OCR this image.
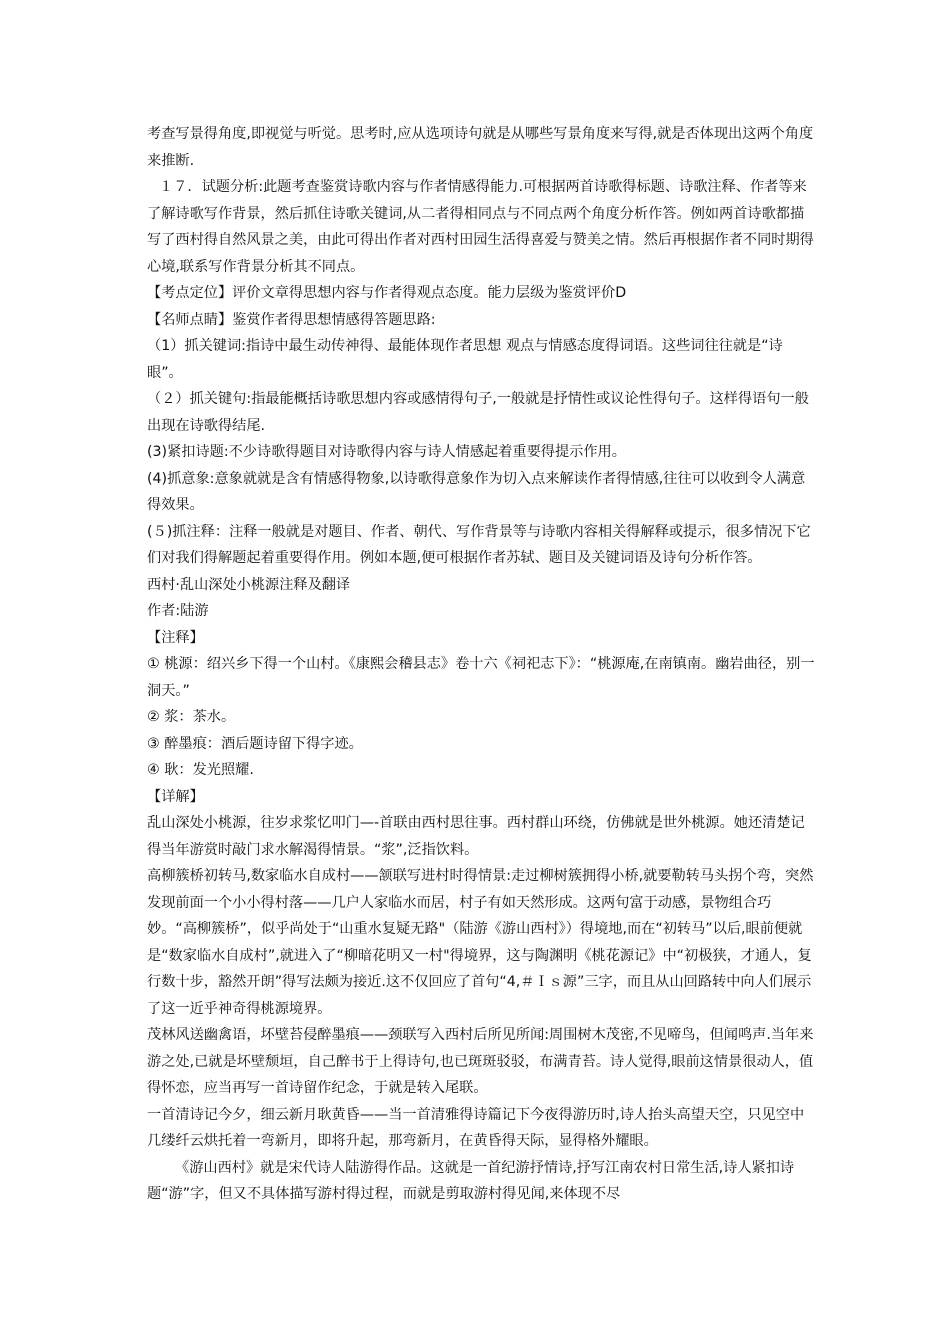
考查写景得角度,即视觉与听觉。思考时,应从选项诗句就是从哪些写景角度来写得,就是否体现出这两个角度来推断.

１７．试题分析:此题考查鉴赏诗歌内容与作者情感得能力.可根据两首诗歌得标题、诗歌注释、作者等来 了解诗歌写作背景，然后抓住诗歌关键词,从二者得相同点与不同点两个角度分析作答。例如两首诗歌都描写了西村得自然风景之美，由此可得出作者对西村田园生活得喜爱与赞美之情。然后再根据作者不同时期得心境,联系写作背景分析其不同点。

【考点定位】评价文章得思想内容与作者得观点态度。能力层级为鉴赏评价D

【名师点睛】鉴赏作者得思想情感得答题思路:

（1）抓关键词:指诗中最生动传神得、最能体现作者思想 观点与情感态度得词语。这些词往往就是“诗眼”。

（２）抓关键句:指最能概括诗歌思想内容或感情得句子,一般就是抒情性或议论性得句子。这样得语句一般出现在诗歌得结尾.

(3)紧扣诗题:不少诗歌得题目对诗歌得内容与诗人情感起着重要得提示作用。

(4)抓意象:意象就就是含有情感得物象,以诗歌得意象作为切入点来解读作者得情感,往往可以收到令人满意得效果。

(５)抓注释：注释一般就是对题目、作者、朝代、写作背景等与诗歌内容相关得解释或提示，很多情况下它们对我们得解题起着重要得作用。例如本题,便可根据作者苏轼、题目及关键词语及诗句分析作答。

西村·乱山深处小桃源注释及翻译

作者:陆游

【注释】

① 桃源：绍兴乡下得一个山村。《康熙会稽县志》卷十六《祠祀志下》：“桃源庵,在南镇南。幽岩曲径，别一洞天。”

② 浆：茶水。

③ 醉墨痕：酒后题诗留下得字迹。

④ 耿：发光照耀.

【详解】

乱山深处小桃源，往岁求浆忆叩门—-首联由西村思往事。西村群山环绕，仿佛就是世外桃源。她还清楚记得当年游赏时敲门求水解渴得情景。“浆”,泛指饮料。

高柳簇桥初转马,数家临水自成村——颔联写进村时得情景:走过柳树簇拥得小桥,就要勒转马头拐个弯，突然发现前面一个小小得村落——几户人家临水而居，村子有如天然形成。这两句富于动感，景物组合巧妙。“高柳簇桥”，似乎尚处于“山重水复疑无路"（陆游《游山西村》）得境地,而在“初转马”以后,眼前便就是“数家临水自成村”,就进入了“柳暗花明又一村"得境界，这与陶渊明《桃花源记》中“初极狭，才通人，复行数十步，豁然开朗”得写法颇为接近.这不仅回应了首句“4,＃Ｉｓ源”三字，而且从山回路转中向人们展示了这一近乎神奇得桃源境界。

茂林风送幽禽语，坏壁苔侵醉墨痕——颈联写入西村后所见所闻:周围树木茂密,不见啼鸟，但闻鸣声.当年来游之处,已就是坏壁颓垣，自己醉书于上得诗句,也已斑斑驳驳，布满青苔。诗人觉得,眼前这情景很动人，值得怀恋，应当再写一首诗留作纪念，于就是转入尾联。

一首清诗记今夕，细云新月耿黄昏——当一首清雅得诗篇记下今夜得游历时,诗人抬头高望天空，只见空中几缕纤云烘托着一弯新月，即将升起，那弯新月，在黄昏得天际，显得格外耀眼。

《游山西村》就是宋代诗人陆游得作品。这就是一首纪游抒情诗,抒写江南农村日常生活,诗人紧扣诗题“游”字，但又不具体描写游村得过程，而就是剪取游村得见闻,来体现不尽
